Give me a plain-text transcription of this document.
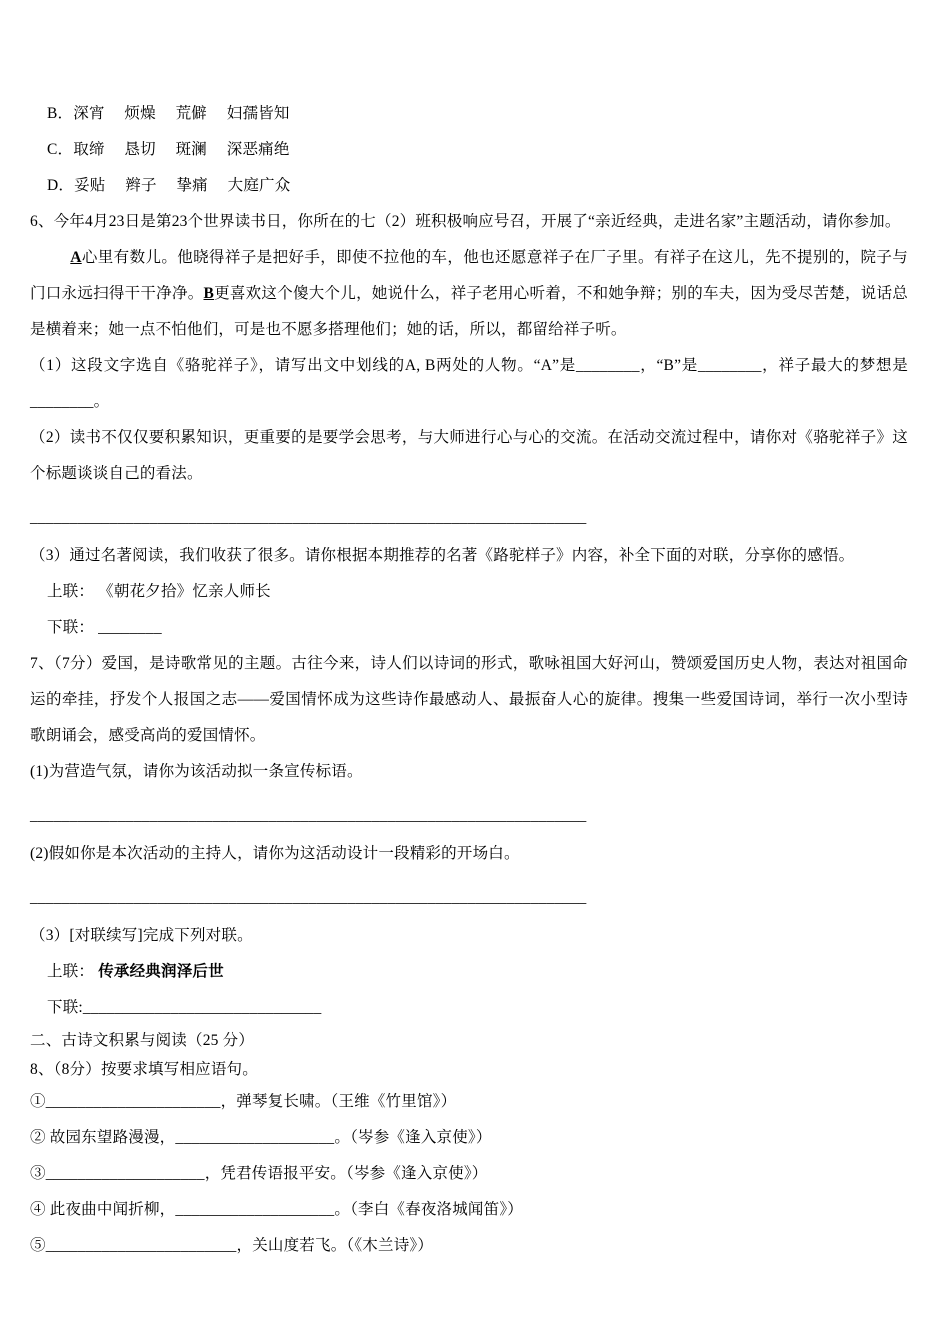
B．深宵　 烦燥　 荒僻　 妇孺皆知

C．取缔　 恳切　 斑澜　 深恶痛绝

D．妥贴　 辫子　 挚痛　 大庭广众

6、今年4月23日是第23个世界读书日，你所在的七（2）班积极响应号召，开展了“亲近经典，走进名家”主题活动，请你参加。

A心里有数儿。他晓得祥子是把好手，即使不拉他的车，他也还愿意祥子在厂子里。有祥子在这儿，先不提别的，院子与门口永远扫得干干净净。B更喜欢这个傻大个儿，她说什么，祥子老用心听着，不和她争辩；别的车夫，因为受尽苦楚，说话总是横着来；她一点不怕他们，可是也不愿多搭理他们；她的话，所以，都留给祥子听。

（1）这段文字选自《骆驼祥子》，请写出文中划线的A, B两处的人物。“A”是________，“B”是________，祥子最大的梦想是________。

（2）读书不仅仅要积累知识，更重要的是要学会思考，与大师进行心与心的交流。在活动交流过程中，请你对《骆驼祥子》这个标题谈谈自己的看法。

______________________________________________________________________

（3）通过名著阅读，我们收获了很多。请你根据本期推荐的名著《路驼样子》内容，补全下面的对联，分享你的感悟。

上联： 《朝花夕拾》忆亲人师长

下联： ________

7、（7分）爱国，是诗歌常见的主题。古往今来，诗人们以诗词的形式，歌咏祖国大好河山，赞颂爱国历史人物，表达对祖国命运的牵挂，抒发个人报国之志——爱国情怀成为这些诗作最感动人、最振奋人心的旋律。搜集一些爱国诗词，举行一次小型诗歌朗诵会，感受高尚的爱国情怀。

(1)为营造气氛，请你为该活动拟一条宣传标语。

______________________________________________________________________

(2)假如你是本次活动的主持人，请你为这活动设计一段精彩的开场白。

______________________________________________________________________

（3）[对联续写]完成下列对联。

上联： 传承经典润泽后世

下联:______________________________

二、古诗文积累与阅读（25 分）

8、（8分）按要求填写相应语句。

①______________________，弹琴复长啸。（王维《竹里馆》）

② 故园东望路漫漫，____________________。（岑参《逢入京使》）

③____________________，凭君传语报平安。（岑参《逢入京使》）

④ 此夜曲中闻折柳，____________________。（李白《春夜洛城闻笛》）

⑤________________________，关山度若飞。（《木兰诗》）
